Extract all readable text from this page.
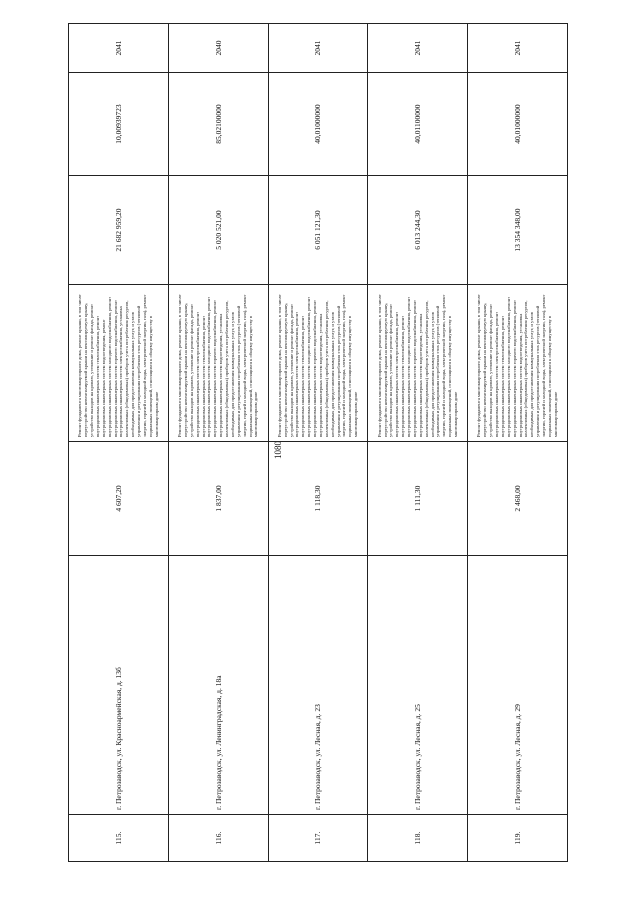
1080
115.	г. Петрозаводск, ул. Красноармейская, д. 13б	4 607,20	Ремонт фундамента многоквартирного дома, ремонт крыши, в том числе переустройство невентилируемой крыши на вентилируемую крышу, устройство выходов на кровлю, утепление и ремонт фасада, ремонт внутридомовых инженерных систем теплоснабжения, ремонт внутридомовых инженерных систем водоотведения, ремонт внутридомовых инженерных систем холодного водоснабжения, ремонт внутридомовых инженерных систем горячего водоснабжения, ремонт внутридомовых инженерных систем электроснабжения, установка коллективных (общедомовых) приборов учета потребления ресурсов, необходимых для предоставления коммунальных услуг, и узлов управления и регулирования потребления этих ресурсов (тепловой энергии, горячей и холодной воды, электрической энергии, газа), ремонт подвальных помещений, относящихся к общему имуществу в многоквартирном доме	21 682 959,20	10,00939723	2041
116.	г. Петрозаводск, ул. Ленинградская, д. 18а	1 837,00	Ремонт фундамента многоквартирного дома, ремонт крыши, в том числе переустройство невентилируемой крыши на вентилируемую крышу, устройство выходов на кровлю, утепление и ремонт фасада, ремонт внутридомовых инженерных систем электроснабжения, ремонт внутридомовых инженерных систем теплоснабжения, ремонт внутридомовых инженерных систем холодного водоснабжения, ремонт внутридомовых инженерных систем горячего водоснабжения, ремонт внутридомовых инженерных систем водоотведения, установка коллективных (общедомовых) приборов учета потребления ресурсов, необходимых для предоставления коммунальных услуг, и узлов управления и регулирования потребления этих ресурсов (тепловой энергии, горячей и холодной воды, электрической энергии, газа), ремонт подвальных помещений, относящихся к общему имуществу в многоквартирном доме	5 020 521,00	85,02100000	2040
117.	г. Петрозаводск, ул. Лесная, д. 23	1 118,30	Ремонт фундамента многоквартирного дома, ремонт крыши, в том числе переустройство невентилируемой крыши на вентилируемую крышу, устройство выходов на кровлю, утепление и ремонт фасада, ремонт внутридомовых инженерных систем электроснабжения, ремонт внутридомовых инженерных систем теплоснабжения, ремонт внутридомовых инженерных систем холодного водоснабжения, ремонт внутридомовых инженерных систем горячего водоснабжения, ремонт внутридомовых инженерных систем водоотведения, установка коллективных (общедомовых) приборов учета потребления ресурсов, необходимых для предоставления коммунальных услуг, и узлов управления и регулирования потребления этих ресурсов (тепловой энергии, горячей и холодной воды, электрической энергии, газа), ремонт подвальных помещений, относящихся к общему имуществу в многоквартирном доме	6 051 121,30	40,01000000	2041
118.	г. Петрозаводск, ул. Лесная, д. 25	1 111,30	Ремонт фундамента многоквартирного дома, ремонт крыши, в том числе переустройство невентилируемой крыши на вентилируемую крышу, устройство выходов на кровлю, утепление и ремонт фасада, ремонт внутридомовых инженерных систем электроснабжения, ремонт внутридомовых инженерных систем теплоснабжения, ремонт внутридомовых инженерных систем холодного водоснабжения, ремонт внутридомовых инженерных систем горячего водоснабжения, ремонт внутридомовых инженерных систем водоотведения, установка коллективных (общедомовых) приборов учета потребления ресурсов, необходимых для предоставления коммунальных услуг, и узлов управления и регулирования потребления этих ресурсов (тепловой энергии, горячей и холодной воды, электрической энергии, газа), ремонт подвальных помещений, относящихся к общему имуществу в многоквартирном доме	6 013 244,30	40,01100000	2041
119.	г. Петрозаводск, ул. Лесная, д. 29	2 468,00	Ремонт фундамента многоквартирного дома, ремонт крыши, в том числе переустройство невентилируемой крыши на вентилируемую крышу, устройство выходов на кровлю, утепление и ремонт фасада, ремонт внутридомовых инженерных систем электроснабжения, ремонт внутридомовых инженерных систем теплоснабжения, ремонт внутридомовых инженерных систем холодного водоснабжения, ремонт внутридомовых инженерных систем горячего водоснабжения, ремонт внутридомовых инженерных систем водоотведения, установка коллективных (общедомовых) приборов учета потребления ресурсов, необходимых для предоставления коммунальных услуг, и узлов управления и регулирования потребления этих ресурсов (тепловой энергии, горячей и холодной воды, электрической энергии, газа), ремонт подвальных помещений, относящихся к общему имуществу в многоквартирном доме	13 354 348,00	40,01000000	2041
